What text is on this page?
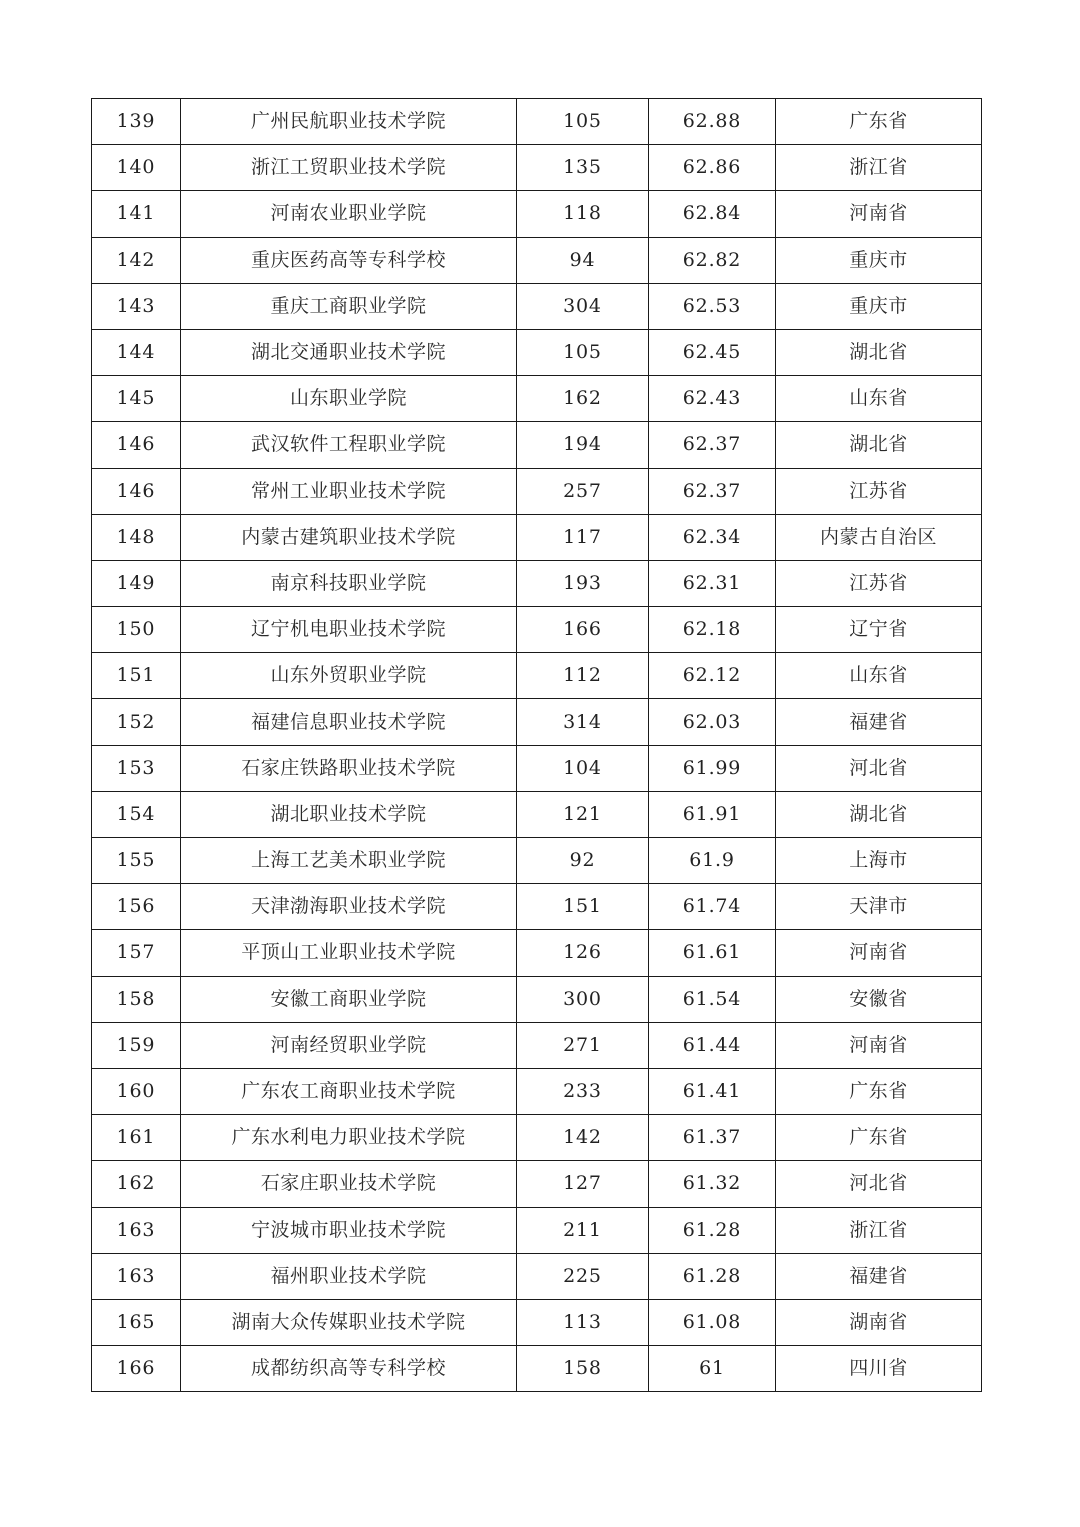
139	广州民航职业技术学院	105	62.88	广东省
140	浙江工贸职业技术学院	135	62.86	浙江省
141	河南农业职业学院	118	62.84	河南省
142	重庆医药高等专科学校	94	62.82	重庆市
143	重庆工商职业学院	304	62.53	重庆市
144	湖北交通职业技术学院	105	62.45	湖北省
145	山东职业学院	162	62.43	山东省
146	武汉软件工程职业学院	194	62.37	湖北省
146	常州工业职业技术学院	257	62.37	江苏省
148	内蒙古建筑职业技术学院	117	62.34	内蒙古自治区
149	南京科技职业学院	193	62.31	江苏省
150	辽宁机电职业技术学院	166	62.18	辽宁省
151	山东外贸职业学院	112	62.12	山东省
152	福建信息职业技术学院	314	62.03	福建省
153	石家庄铁路职业技术学院	104	61.99	河北省
154	湖北职业技术学院	121	61.91	湖北省
155	上海工艺美术职业学院	92	61.9	上海市
156	天津渤海职业技术学院	151	61.74	天津市
157	平顶山工业职业技术学院	126	61.61	河南省
158	安徽工商职业学院	300	61.54	安徽省
159	河南经贸职业学院	271	61.44	河南省
160	广东农工商职业技术学院	233	61.41	广东省
161	广东水利电力职业技术学院	142	61.37	广东省
162	石家庄职业技术学院	127	61.32	河北省
163	宁波城市职业技术学院	211	61.28	浙江省
163	福州职业技术学院	225	61.28	福建省
165	湖南大众传媒职业技术学院	113	61.08	湖南省
166	成都纺织高等专科学校	158	61	四川省
